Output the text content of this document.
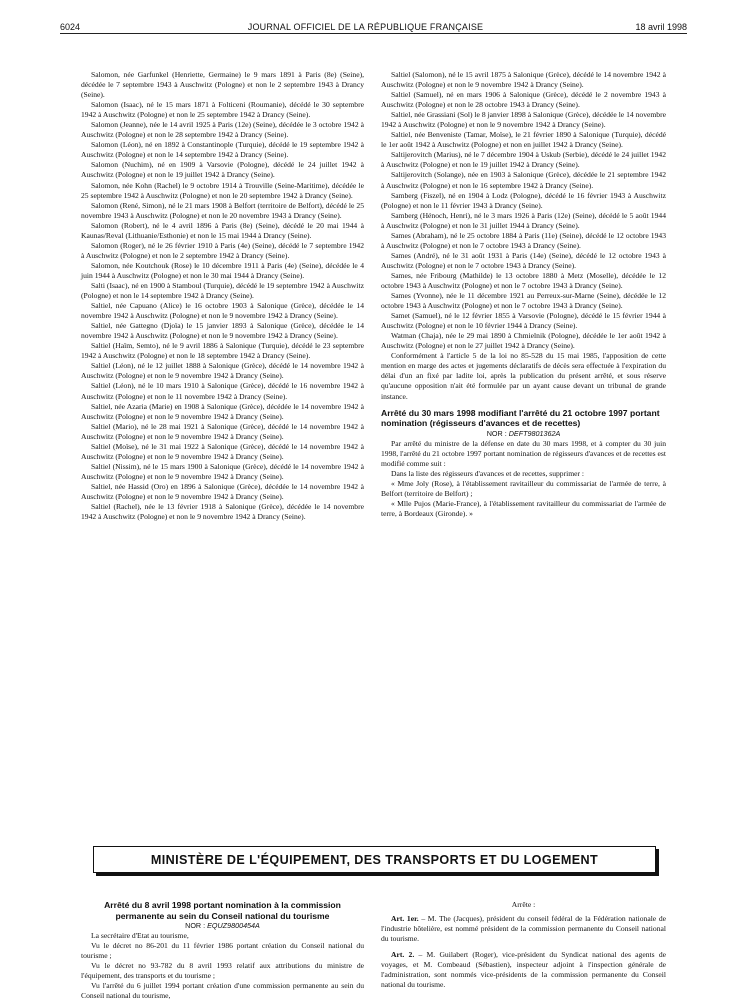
6024	JOURNAL OFFICIEL DE LA RÉPUBLIQUE FRANÇAISE	18 avril 1998

Salomon, née Garfunkel (Henriette, Germaine) le 9 mars 1891 à Paris (8e) (Seine), décédée le 7 septembre 1943 à Auschwitz (Pologne) et non le 2 septembre 1943 à Drancy (Seine).

Salomon (Isaac), né le 15 mars 1871 à Folticeni (Roumanie), décédé le 30 septembre 1942 à Auschwitz (Pologne) et non le 25 septembre 1942 à Drancy (Seine).

Salomon (Jeanne), née le 14 avril 1925 à Paris (12e) (Seine), décédée le 3 octobre 1942 à Auschwitz (Pologne) et non le 28 septembre 1942 à Drancy (Seine).

Salomon (Léon), né en 1892 à Constantinople (Turquie), décédé le 19 septembre 1942 à Auschwitz (Pologne) et non le 14 septembre 1942 à Drancy (Seine).

Salomon (Nuchim), né en 1909 à Varsovie (Pologne), décédé le 24 juillet 1942 à Auschwitz (Pologne) et non le 19 juillet 1942 à Drancy (Seine).

Salomon, née Kohn (Rachel) le 9 octobre 1914 à Trouville (Seine-Maritime), décédée le 25 septembre 1942 à Auschwitz (Pologne) et non le 20 septembre 1942 à Drancy (Seine).

Salomon (René, Simon), né le 21 mars 1908 à Belfort (territoire de Belfort), décédé le 25 novembre 1943 à Auschwitz (Pologne) et non le 20 novembre 1943 à Drancy (Seine).

Salomon (Robert), né le 4 avril 1896 à Paris (8e) (Seine), décédé le 20 mai 1944 à Kaunas/Reval (Lithuanie/Esthonie) et non le 15 mai 1944 à Drancy (Seine).

Salomon (Roger), né le 26 février 1910 à Paris (4e) (Seine), décédé le 7 septembre 1942 à Auschwitz (Pologne) et non le 2 septembre 1942 à Drancy (Seine).

Salomon, née Koutchouk (Rose) le 10 décembre 1911 à Paris (4e) (Seine), décédée le 4 juin 1944 à Auschwitz (Pologne) et non le 30 mai 1944 à Drancy (Seine).

Salti (Isaac), né en 1900 à Stamboul (Turquie), décédé le 19 septembre 1942 à Auschwitz (Pologne) et non le 14 septembre 1942 à Drancy (Seine).

Saltiel, née Capuano (Alice) le 16 octobre 1903 à Salonique (Grèce), décédée le 14 novembre 1942 à Auschwitz (Pologne) et non le 9 novembre 1942 à Drancy (Seine).

Saltiel, née Gattegno (Djoïa) le 15 janvier 1893 à Salonique (Grèce), décédée le 14 novembre 1942 à Auschwitz (Pologne) et non le 9 novembre 1942 à Drancy (Seine).

Saltiel (Haïm, Semto), né le 9 avril 1886 à Salonique (Turquie), décédé le 23 septembre 1942 à Auschwitz (Pologne) et non le 18 septembre 1942 à Drancy (Seine).

Saltiel (Léon), né le 12 juillet 1888 à Salonique (Grèce), décédé le 14 novembre 1942 à Auschwitz (Pologne) et non le 9 novembre 1942 à Drancy (Seine).

Saltiel (Léon), né le 10 mars 1910 à Salonique (Grèce), décédé le 16 novembre 1942 à Auschwitz (Pologne) et non le 11 novembre 1942 à Drancy (Seine).

Saltiel, née Azaria (Marie) en 1908 à Salonique (Grèce), décédée le 14 novembre 1942 à Auschwitz (Pologne) et non le 9 novembre 1942 à Drancy (Seine).

Saltiel (Mario), né le 28 mai 1921 à Salonique (Grèce), décédé le 14 novembre 1942 à Auschwitz (Pologne) et non le 9 novembre 1942 à Drancy (Seine).

Saltiel (Moïse), né le 31 mai 1922 à Salonique (Grèce), décédé le 14 novembre 1942 à Auschwitz (Pologne) et non le 9 novembre 1942 à Drancy (Seine).

Saltiel (Nissim), né le 15 mars 1900 à Salonique (Grèce), décédé le 14 novembre 1942 à Auschwitz (Pologne) et non le 9 novembre 1942 à Drancy (Seine).

Saltiel, née Hassid (Oro) en 1896 à Salonique (Grèce), décédée le 14 novembre 1942 à Auschwitz (Pologne) et non le 9 novembre 1942 à Drancy (Seine).

Saltiel (Rachel), née le 13 février 1918 à Salonique (Grèce), décédée le 14 novembre 1942 à Auschwitz (Pologne) et non le 9 novembre 1942 à Drancy (Seine).

Saltiel (Salomon), né le 15 avril 1875 à Salonique (Grèce), décédé le 14 novembre 1942 à Auschwitz (Pologne) et non le 9 novembre 1942 à Drancy (Seine).

Saltiel (Samuel), né en mars 1906 à Salonique (Grèce), décédé le 2 novembre 1943 à Auschwitz (Pologne) et non le 28 octobre 1943 à Drancy (Seine).

Saltiel, née Grassiani (Sol) le 8 janvier 1898 à Salonique (Grèce), décédée le 14 novembre 1942 à Auschwitz (Pologne) et non le 9 novembre 1942 à Drancy (Seine).

Saltiel, née Benveniste (Tamar, Moïse), le 21 février 1890 à Salonique (Turquie), décédé le 1er août 1942 à Auschwitz (Pologne) et non en juillet 1942 à Drancy (Seine).

Saltijerovitch (Marius), né le 7 décembre 1904 à Uskub (Serbie), décédé le 24 juillet 1942 à Auschwitz (Pologne) et non le 19 juillet 1942 à Drancy (Seine).

Saltijerovitch (Solange), née en 1903 à Salonique (Grèce), décédée le 21 septembre 1942 à Auschwitz (Pologne) et non le 16 septembre 1942 à Drancy (Seine).

Samberg (Fiszel), né en 1904 à Lodz (Pologne), décédé le 16 février 1943 à Auschwitz (Pologne) et non le 11 février 1943 à Drancy (Seine).

Samberg (Hénoch, Henri), né le 3 mars 1926 à Paris (12e) (Seine), décédé le 5 août 1944 à Auschwitz (Pologne) et non le 31 juillet 1944 à Drancy (Seine).

Sames (Abraham), né le 25 octobre 1884 à Paris (11e) (Seine), décédé le 12 octobre 1943 à Auschwitz (Pologne) et non le 7 octobre 1943 à Drancy (Seine).

Sames (André), né le 31 août 1931 à Paris (14e) (Seine), décédé le 12 octobre 1943 à Auschwitz (Pologne) et non le 7 octobre 1943 à Drancy (Seine).

Sames, née Fribourg (Mathilde) le 13 octobre 1880 à Metz (Moselle), décédée le 12 octobre 1943 à Auschwitz (Pologne) et non le 7 octobre 1943 à Drancy (Seine).

Sames (Yvonne), née le 11 décembre 1921 au Perreux-sur-Marne (Seine), décédée le 12 octobre 1943 à Auschwitz (Pologne) et non le 7 octobre 1943 à Drancy (Seine).

Samet (Samuel), né le 12 février 1855 à Varsovie (Pologne), décédé le 15 février 1944 à Auschwitz (Pologne) et non le 10 février 1944 à Drancy (Seine).

Watman (Chaja), née le 29 mai 1890 à Chmielnik (Pologne), décédée le 1er août 1942 à Auschwitz (Pologne) et non le 27 juillet 1942 à Drancy (Seine).

Conformément à l'article 5 de la loi no 85-528 du 15 mai 1985, l'apposition de cette mention en marge des actes et jugements déclaratifs de décès sera effectuée à l'expiration du délai d'un an fixé par ladite loi, après la publication du présent arrêté, et sous réserve qu'aucune opposition n'ait été formulée par un ayant cause devant un tribunal de grande instance.

Arrêté du 30 mars 1998 modifiant l'arrêté du 21 octobre 1997 portant nomination (régisseurs d'avances et de recettes)

NOR : DEFT9801362A

Par arrêté du ministre de la défense en date du 30 mars 1998, et à compter du 30 juin 1998, l'arrêté du 21 octobre 1997 portant nomination de régisseurs d'avances et de recettes est modifié comme suit :

Dans la liste des régisseurs d'avances et de recettes, supprimer :

« Mme Joly (Rose), à l'établissement ravitailleur du commissariat de l'armée de terre, à Belfort (territoire de Belfort) ;

« Mlle Pujos (Marie-France), à l'établissement ravitailleur du commissariat de l'armée de terre, à Bordeaux (Gironde). »

MINISTÈRE DE L'ÉQUIPEMENT, DES TRANSPORTS ET DU LOGEMENT
Arrêté du 8 avril 1998 portant nomination à la commission permanente au sein du Conseil national du tourisme

NOR : EQUZ9800454A

La secrétaire d'Etat au tourisme,

Vu le décret no 86-201 du 11 février 1986 portant création du Conseil national du tourisme ;

Vu le décret no 93-782 du 8 avril 1993 relatif aux attributions du ministre de l'équipement, des transports et du tourisme ;

Vu l'arrêté du 6 juillet 1994 portant création d'une commission permanente au sein du Conseil national du tourisme,

Arrête :

Art. 1er. – M. The (Jacques), président du conseil fédéral de la Fédération nationale de l'industrie hôtelière, est nommé président de la commission permanente du Conseil national du tourisme.

Art. 2. – M. Guilabert (Roger), vice-président du Syndicat national des agents de voyages, et M. Combeaud (Sébastien), inspecteur adjoint à l'inspection générale de l'administration, sont nommés vice-présidents de la commission permanente du Conseil national du tourisme.
